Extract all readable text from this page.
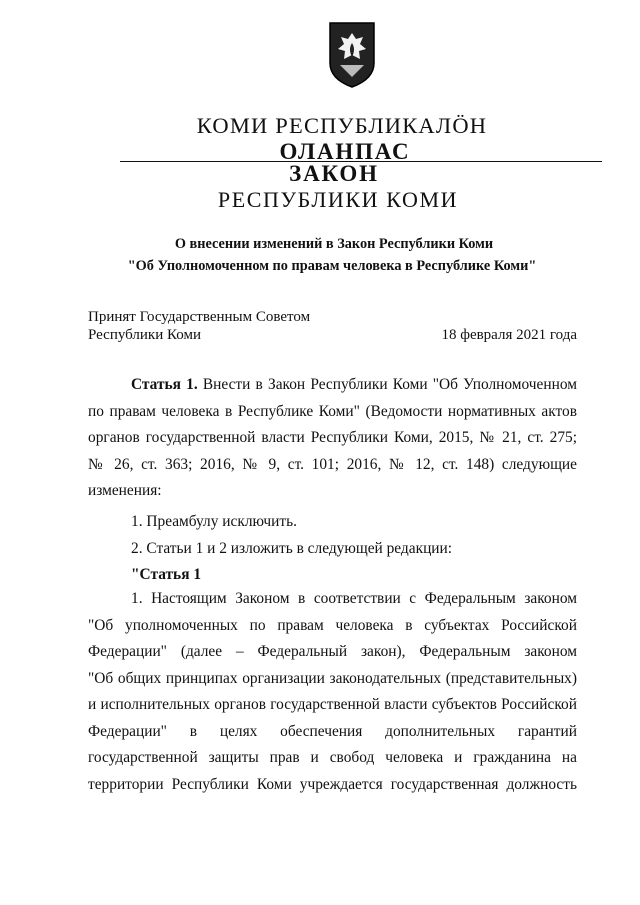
КОМИ РЕСПУБЛИКАЛӦН
ОЛАНПАС
ЗАКОН
РЕСПУБЛИКИ КОМИ
О внесении изменений в Закон Республики Коми
"Об Уполномоченном по правам человека в Республике Коми"
Принят Государственным Советом
Республики Коми	18 февраля 2021 года
Статья 1. Внести в Закон Республики Коми "Об Уполномоченном
по правам человека в Республике Коми" (Ведомости нормативных актов
органов государственной власти Республики Коми, 2015, № 21, ст. 275;
№ 26, ст. 363; 2016, № 9, ст. 101; 2016, № 12, ст. 148) следующие
изменения:
1. Преамбулу исключить.
2. Статьи 1 и 2 изложить в следующей редакции:
"Статья 1
1. Настоящим Законом в соответствии с Федеральным законом
"Об уполномоченных по правам человека в субъектах Российской
Федерации" (далее – Федеральный закон), Федеральным законом
"Об общих принципах организации законодательных (представительных)
и исполнительных органов государственной власти субъектов Российской
Федерации" в целях обеспечения дополнительных гарантий
государственной защиты прав и свобод человека и гражданина на
территории Республики Коми учреждается государственная должность
